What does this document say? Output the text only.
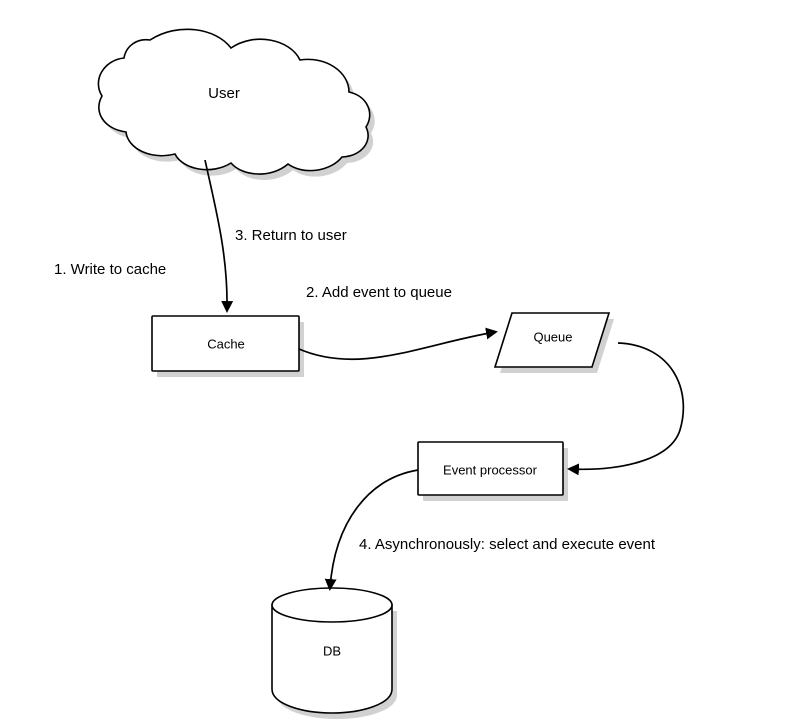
User
Cache	Queue
Event processor
DB
1. Write to cache
2. Add event to queue
3. Return to user
4. Asynchronously: select and execute event
